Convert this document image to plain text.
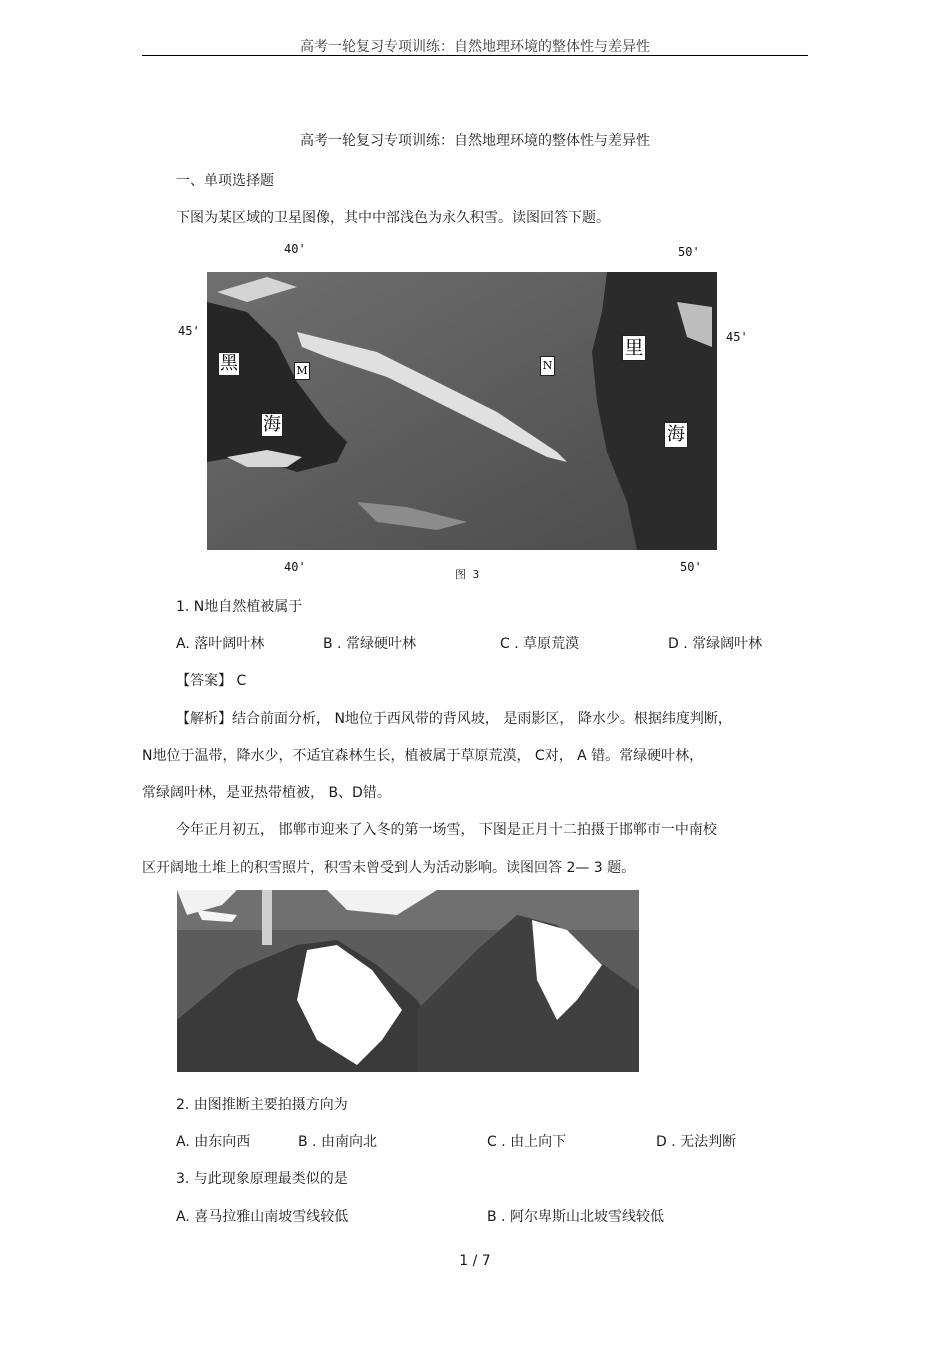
高考一轮复习专项训练：自然地理环境的整体性与差异性
高考一轮复习专项训练：自然地理环境的整体性与差异性
一、单项选择题
下图为某区域的卫星图像，其中中部浅色为永久积雪。读图回答下题。
40'	50'
45'	45'
40'	50'
黑
海
M	N
里
海
图 3
1. N地自然植被属于
A. 落叶阔叶林	B . 常绿硬叶林	C . 草原荒漠	D . 常绿阔叶林
【答案】 C
【解析】结合前面分析， N地位于西风带的背风坡， 是雨影区， 降水少。根据纬度判断，
N地位于温带，降水少，不适宜森林生长，植被属于草原荒漠， C对， A 错。常绿硬叶林，
常绿阔叶林，是亚热带植被， B、D错。
今年正月初五， 邯郸市迎来了入冬的第一场雪， 下图是正月十二拍摄于邯郸市一中南校
区开阔地土堆上的积雪照片，积雪未曾受到人为活动影响。读图回答 2— 3 题。
2. 由图推断主要拍摄方向为
A. 由东向西	B . 由南向北	C . 由上向下	D . 无法判断
3. 与此现象原理最类似的是
A. 喜马拉雅山南坡雪线较低	B . 阿尔卑斯山北坡雪线较低
1 / 7
